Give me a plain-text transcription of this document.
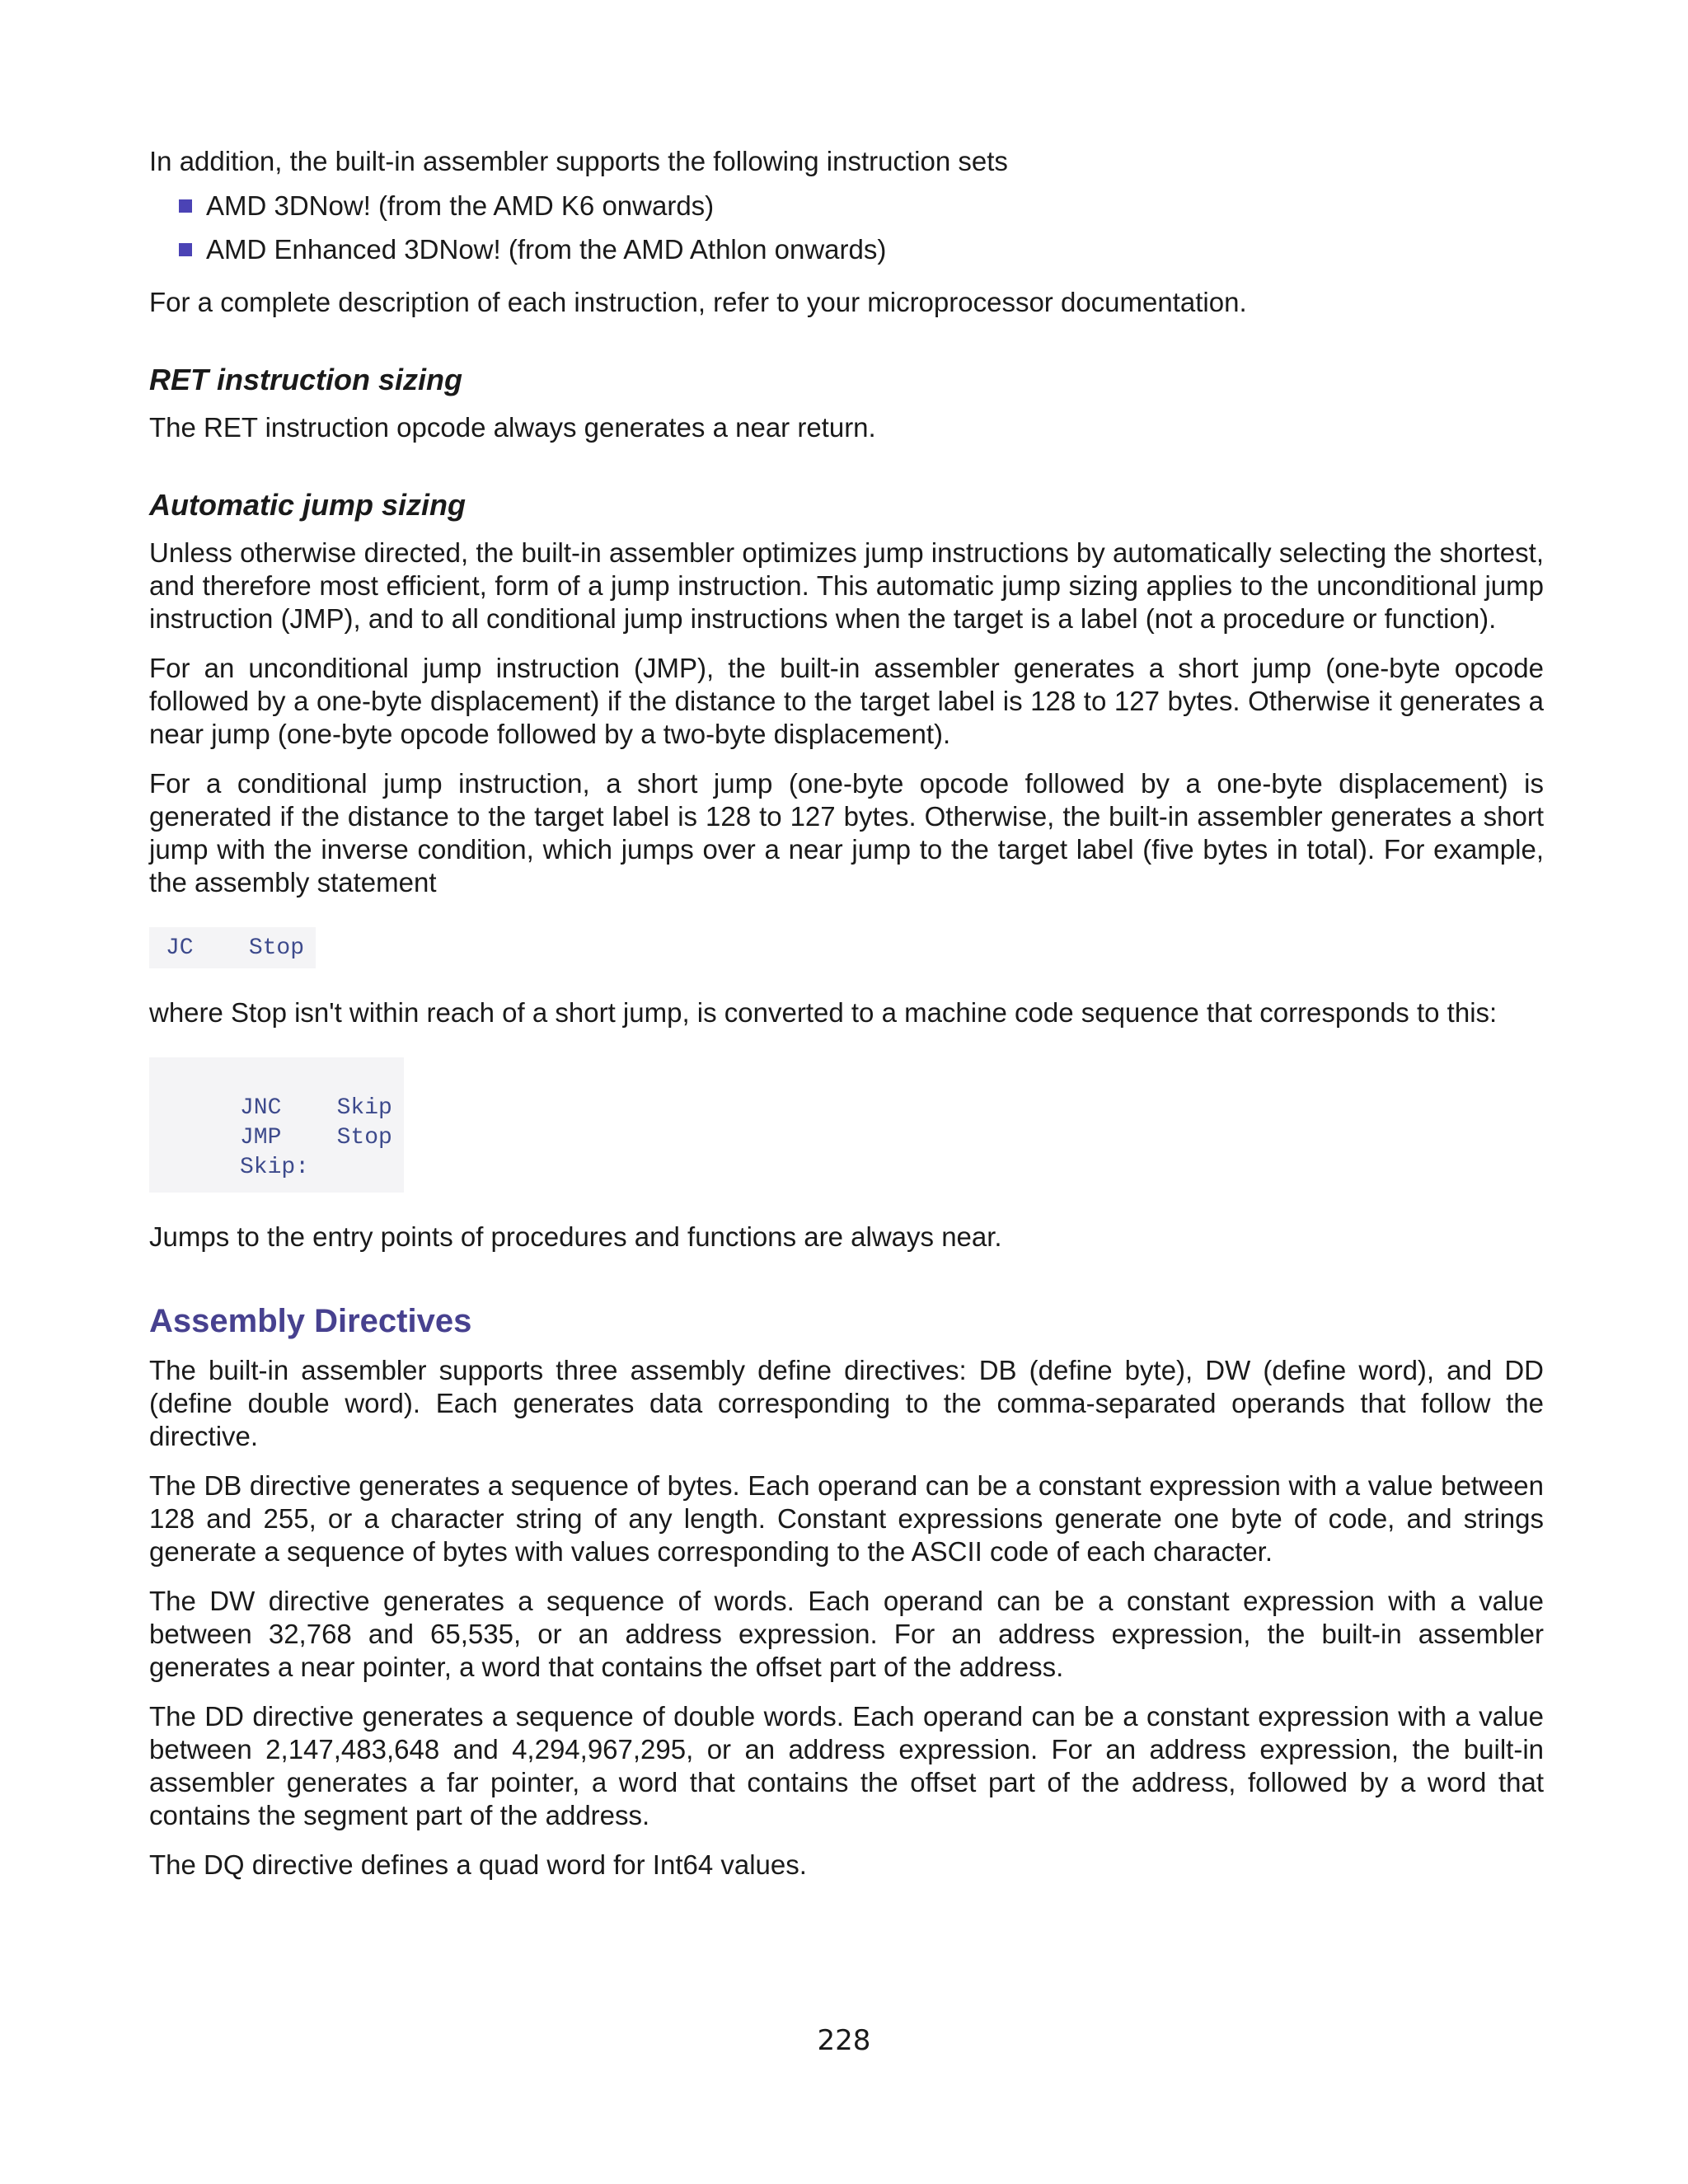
In addition, the built-in assembler supports the following instruction sets

AMD 3DNow! (from the AMD K6 onwards)
AMD Enhanced 3DNow! (from the AMD Athlon onwards)

For a complete description of each instruction, refer to your microprocessor documentation.

RET instruction sizing

The RET instruction opcode always generates a near return.

Automatic jump sizing

Unless otherwise directed, the built-in assembler optimizes jump instructions by automatically selecting the shortest, and therefore most efficient, form of a jump instruction. This automatic jump sizing applies to the unconditional jump instruction (JMP), and to all conditional jump instructions when the target is a label (not a procedure or function).

For an unconditional jump instruction (JMP), the built-in assembler generates a short jump (one-byte opcode followed by a one-byte displacement) if the distance to the target label is 128 to 127 bytes. Otherwise it generates a near jump (one-byte opcode followed by a two-byte displacement).

For a conditional jump instruction, a short jump (one-byte opcode followed by a one-byte displacement) is generated if the distance to the target label is 128 to 127 bytes. Otherwise, the built-in assembler generates a short jump with the inverse condition, which jumps over a near jump to the target label (five bytes in total). For example, the assembly statement

JC    Stop

where Stop isn't within reach of a short jump, is converted to a machine code sequence that corresponds to this:

JNC    Skip
JMP    Stop
Skip:

Jumps to the entry points of procedures and functions are always near.

Assembly Directives

The built-in assembler supports three assembly define directives: DB (define byte), DW (define word), and DD (define double word). Each generates data corresponding to the comma-separated operands that follow the directive.

The DB directive generates a sequence of bytes. Each operand can be a constant expression with a value between 128 and 255, or a character string of any length. Constant expressions generate one byte of code, and strings generate a sequence of bytes with values corresponding to the ASCII code of each character.

The DW directive generates a sequence of words. Each operand can be a constant expression with a value between 32,768 and 65,535, or an address expression. For an address expression, the built-in assembler generates a near pointer, a word that contains the offset part of the address.

The DD directive generates a sequence of double words. Each operand can be a constant expression with a value between 2,147,483,648 and 4,294,967,295, or an address expression. For an address expression, the built-in assembler generates a far pointer, a word that contains the offset part of the address, followed by a word that contains the segment part of the address.

The DQ directive defines a quad word for Int64 values.

228
